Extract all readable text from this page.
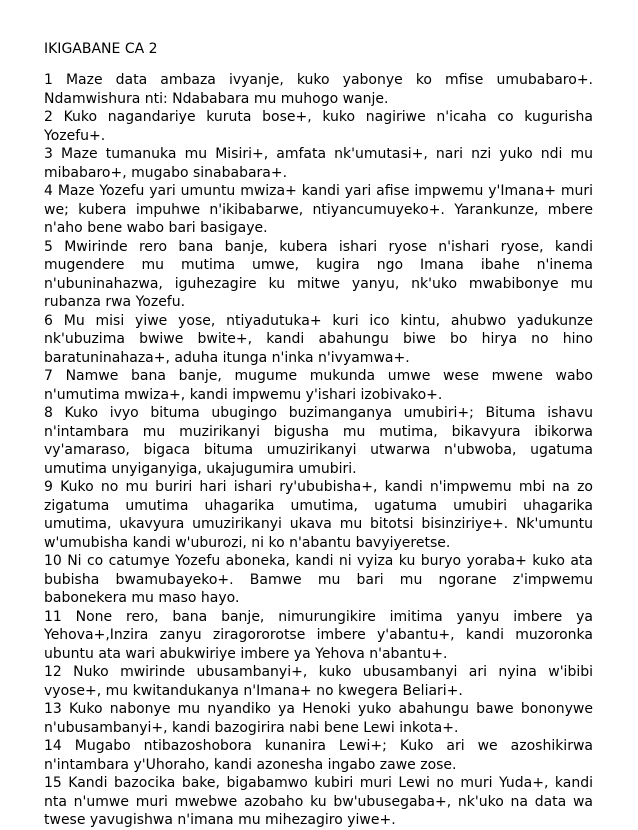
IKIGABANE CA 2

1 Maze data ambaza ivyanje, kuko yabonye ko mfise umubabaro+. Ndamwishura nti: Ndababara mu muhogo wanje.

2 Kuko nagandariye kuruta bose+, kuko nagiriwe n'icaha co kugurisha Yozefu+.

3 Maze tumanuka mu Misiri+, amfata nk'umutasi+, nari nzi yuko ndi mu mibabaro+, mugabo sinababara+.

4 Maze Yozefu yari umuntu mwiza+ kandi yari afise impwemu y'Imana+ muri we; kubera impuhwe n'ikibabarwe, ntiyancumuyeko+. Yarankunze, mbere n'aho bene wabo bari basigaye.

5 Mwirinde rero bana banje, kubera ishari ryose n'ishari ryose, kandi mugendere mu mutima umwe, kugira ngo Imana ibahe n'inema n'ubuninahazwa, iguhezagire ku mitwe yanyu, nk'uko mwabibonye mu rubanza rwa Yozefu.

6 Mu misi yiwe yose, ntiyadutuka+ kuri ico kintu, ahubwo yadukunze nk'ubuzima bwiwe bwite+, kandi abahungu biwe bo hirya no hino baratuninahaza+, aduha itunga n'inka n'ivyamwa+.

7 Namwe bana banje, mugume mukunda umwe wese mwene wabo n'umutima mwiza+, kandi impwemu y'ishari izobivako+.

8 Kuko ivyo bituma ubugingo buzimanganya umubiri+; Bituma ishavu n'intambara mu muzirikanyi bigusha mu mutima, bikavyura ibikorwa vy'amaraso, bigaca bituma umuzirikanyi utwarwa n'ubwoba, ugatuma umutima unyiganyiga, ukajugumira umubiri.

9 Kuko no mu buriri hari ishari ry'ububisha+, kandi n'impwemu mbi na zo zigatuma umutima uhagarika umutima, ugatuma umubiri uhagarika umutima, ukavyura umuzirikanyi ukava mu bitotsi bisinziriye+. Nk'umuntu w'umubisha kandi w'uburozi, ni ko n'abantu bavyiyeretse.

10 Ni co catumye Yozefu aboneka, kandi ni vyiza ku buryo yoraba+ kuko ata bubisha bwamubayeko+. Bamwe mu bari mu ngorane z'impwemu babonekera mu maso hayo.

11 None rero, bana banje, nimurungikire imitima yanyu imbere ya Yehova+,Inzira zanyu ziragororotse imbere y'abantu+, kandi muzoronka ubuntu ata wari abukwiriye imbere ya Yehova n'abantu+.

12 Nuko mwirinde ubusambanyi+, kuko ubusambanyi ari nyina w'ibibi vyose+, mu kwitandukanya n'Imana+ no kwegera Beliari+.

13 Kuko nabonye mu nyandiko ya Henoki yuko abahungu bawe bononywe n'ubusambanyi+, kandi bazogirira nabi bene Lewi inkota+.

14 Mugabo ntibazoshobora kunanira Lewi+; Kuko ari we azoshikirwa n'intambara y'Uhoraho, kandi azonesha ingabo zawe zose.

15 Kandi bazocika bake, bigabamwo kubiri muri Lewi no muri Yuda+, kandi nta n'umwe muri mwebwe azobaho ku bw'ubusegaba+, nk'uko na data wa twese yavugishwa n'imana mu mihezagiro yiwe+.
